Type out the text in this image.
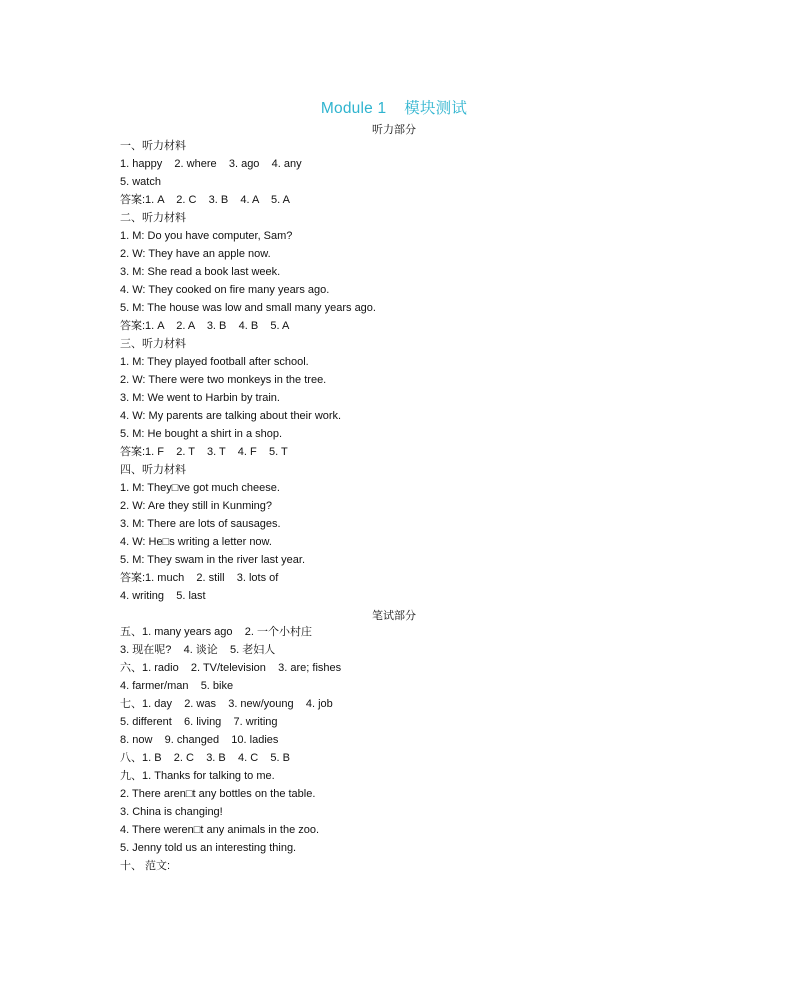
Module 1 模块测试
听力部分
一、听力材料
1. happy    2. where    3. ago    4. any
5. watch
答案:1. A    2. C    3. B    4. A    5. A
二、听力材料
1. M: Do you have computer, Sam?
2. W: They have an apple now.
3. M: She read a book last week.
4. W: They cooked on fire many years ago.
5. M: The house was low and small many years ago.
答案:1. A    2. A    3. B    4. B    5. A
三、听力材料
1. M: They played football after school.
2. W: There were two monkeys in the tree.
3. M: We went to Harbin by train.
4. W: My parents are talking about their work.
5. M: He bought a shirt in a shop.
答案:1. F    2. T    3. T    4. F    5. T
四、听力材料
1. M: They□ve got much cheese.
2. W: Are they still in Kunming?
3. M: There are lots of sausages.
4. W: He□s writing a letter now.
5. M: They swam in the river last year.
答案:1. much    2. still    3. lots of
4. writing    5. last
笔试部分
五、1. many years ago    2. 一个小村庄
3. 现在呢?    4. 谈论    5. 老妇人
六、1. radio    2. TV/television    3. are; fishes
4. farmer/man    5. bike
七、1. day    2. was    3. new/young    4. job
5. different    6. living    7. writing
8. now    9. changed    10. ladies
八、1. B    2. C    3. B    4. C    5. B
九、1. Thanks for talking to me.
2. There aren□t any bottles on the table.
3. China is changing!
4. There weren□t any animals in the zoo.
5. Jenny told us an interesting thing.
十、 范文:
